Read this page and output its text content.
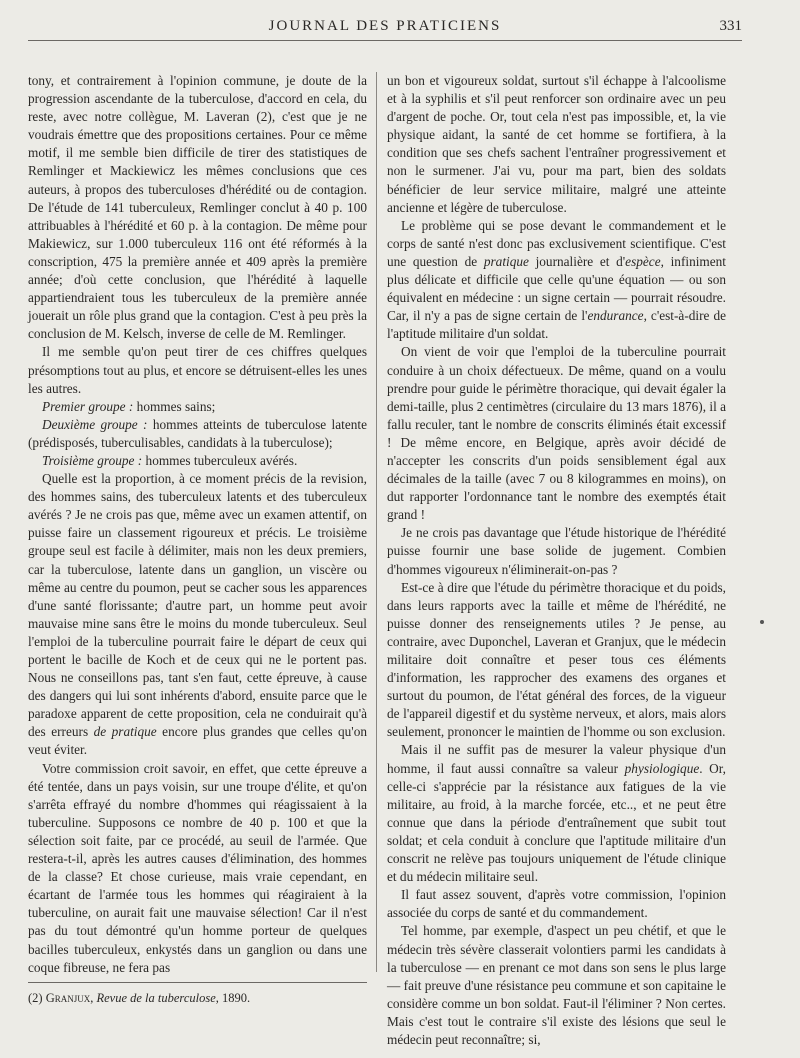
JOURNAL DES PRATICIENS	331

tony, et contrairement à l'opinion commune, je doute de la progression ascendante de la tuberculose, d'accord en cela, du reste, avec notre collègue, M. Laveran (2), c'est que je ne voudrais émettre que des propositions certaines. Pour ce même motif, il me semble bien difficile de tirer des statistiques de Remlinger et Mackiewicz les mêmes conclusions que ces auteurs, à propos des tuberculoses d'hérédité ou de contagion. De l'étude de 141 tuberculeux, Remlinger conclut à 40 p. 100 attribuables à l'hérédité et 60 p. à la contagion. De même pour Makiewicz, sur 1.000 tuberculeux 116 ont été réformés à la conscription, 475 la première année et 409 après la première année; d'où cette conclusion, que l'hérédité à laquelle appartiendraient tous les tuberculeux de la première année jouerait un rôle plus grand que la contagion. C'est à peu près la conclusion de M. Kelsch, inverse de celle de M. Remlinger.

Il me semble qu'on peut tirer de ces chiffres quelques présomptions tout au plus, et encore se détruisent-elles les unes les autres.

Premier groupe : hommes sains;

Deuxième groupe : hommes atteints de tuberculose latente (prédisposés, tuberculisables, candidats à la tuberculose);

Troisième groupe : hommes tuberculeux avérés.

Quelle est la proportion, à ce moment précis de la revision, des hommes sains, des tuberculeux latents et des tuberculeux avérés ? Je ne crois pas que, même avec un examen attentif, on puisse faire un classement rigoureux et précis. Le troisième groupe seul est facile à délimiter, mais non les deux premiers, car la tuberculose, latente dans un ganglion, un viscère ou même au centre du poumon, peut se cacher sous les apparences d'une santé florissante; d'autre part, un homme peut avoir mauvaise mine sans être le moins du monde tuberculeux. Seul l'emploi de la tuberculine pourrait faire le départ de ceux qui portent le bacille de Koch et de ceux qui ne le portent pas. Nous ne conseillons pas, tant s'en faut, cette épreuve, à cause des dangers qui lui sont inhérents d'abord, ensuite parce que le paradoxe apparent de cette proposition, cela ne conduirait qu'à des erreurs de pratique encore plus grandes que celles qu'on veut éviter.

Votre commission croit savoir, en effet, que cette épreuve a été tentée, dans un pays voisin, sur une troupe d'élite, et qu'on s'arrêta effrayé du nombre d'hommes qui réagissaient à la tuberculine. Supposons ce nombre de 40 p. 100 et que la sélection soit faite, par ce procédé, au seuil de l'armée. Que restera-t-il, après les autres causes d'élimination, des hommes de la classe? Et chose curieuse, mais vraie cependant, en écartant de l'armée tous les hommes qui réagiraient à la tuberculine, on aurait fait une mauvaise sélection! Car il n'est pas du tout démontré qu'un homme porteur de quelques bacilles tuberculeux, enkystés dans un ganglion ou dans une coque fibreuse, ne fera pas

un bon et vigoureux soldat, surtout s'il échappe à l'alcoolisme et à la syphilis et s'il peut renforcer son ordinaire avec un peu d'argent de poche. Or, tout cela n'est pas impossible, et, la vie physique aidant, la santé de cet homme se fortifiera, à la condition que ses chefs sachent l'entraîner progressivement et non le surmener. J'ai vu, pour ma part, bien des soldats bénéficier de leur service militaire, malgré une atteinte ancienne et légère de tuberculose.

Le problème qui se pose devant le commandement et le corps de santé n'est donc pas exclusivement scientifique. C'est une question de pratique journalière et d'espèce, infiniment plus délicate et difficile que celle qu'une équation — ou son équivalent en médecine : un signe certain — pourrait résoudre. Car, il n'y a pas de signe certain de l'endurance, c'est-à-dire de l'aptitude militaire d'un soldat.

On vient de voir que l'emploi de la tuberculine pourrait conduire à un choix défectueux. De même, quand on a voulu prendre pour guide le périmètre thoracique, qui devait égaler la demi-taille, plus 2 centimètres (circulaire du 13 mars 1876), il a fallu reculer, tant le nombre de conscrits éliminés était excessif ! De même encore, en Belgique, après avoir décidé de n'accepter les conscrits d'un poids sensiblement égal aux décimales de la taille (avec 7 ou 8 kilogrammes en moins), on dut rapporter l'ordonnance tant le nombre des exemptés était grand !

Je ne crois pas davantage que l'étude historique de l'hérédité puisse fournir une base solide de jugement. Combien d'hommes vigoureux n'éliminerait-on-pas ?

Est-ce à dire que l'étude du périmètre thoracique et du poids, dans leurs rapports avec la taille et même de l'hérédité, ne puisse donner des renseignements utiles ? Je pense, au contraire, avec Duponchel, Laveran et Granjux, que le médecin militaire doit connaître et peser tous ces éléments d'information, les rapprocher des examens des organes et surtout du poumon, de l'état général des forces, de la vigueur de l'appareil digestif et du système nerveux, et alors, mais alors seulement, prononcer le maintien de l'homme ou son exclusion.

Mais il ne suffit pas de mesurer la valeur physique d'un homme, il faut aussi connaître sa valeur physiologique. Or, celle-ci s'apprécie par la résistance aux fatigues de la vie militaire, au froid, à la marche forcée, etc.., et ne peut être connue que dans la période d'entraînement que subit tout soldat; et cela conduit à conclure que l'aptitude militaire d'un conscrit ne relève pas toujours uniquement de l'étude clinique et du médecin militaire seul.

Il faut assez souvent, d'après votre commission, l'opinion associée du corps de santé et du commandement.

Tel homme, par exemple, d'aspect un peu chétif, et que le médecin très sévère classerait volontiers parmi les candidats à la tuberculose — en prenant ce mot dans son sens le plus large — fait preuve d'une résistance peu commune et son capitaine le considère comme un bon soldat. Faut-il l'éliminer ? Non certes. Mais c'est tout le contraire s'il existe des lésions que seul le médecin peut reconnaître; si,

(2) Granjux, Revue de la tuberculose, 1890.
